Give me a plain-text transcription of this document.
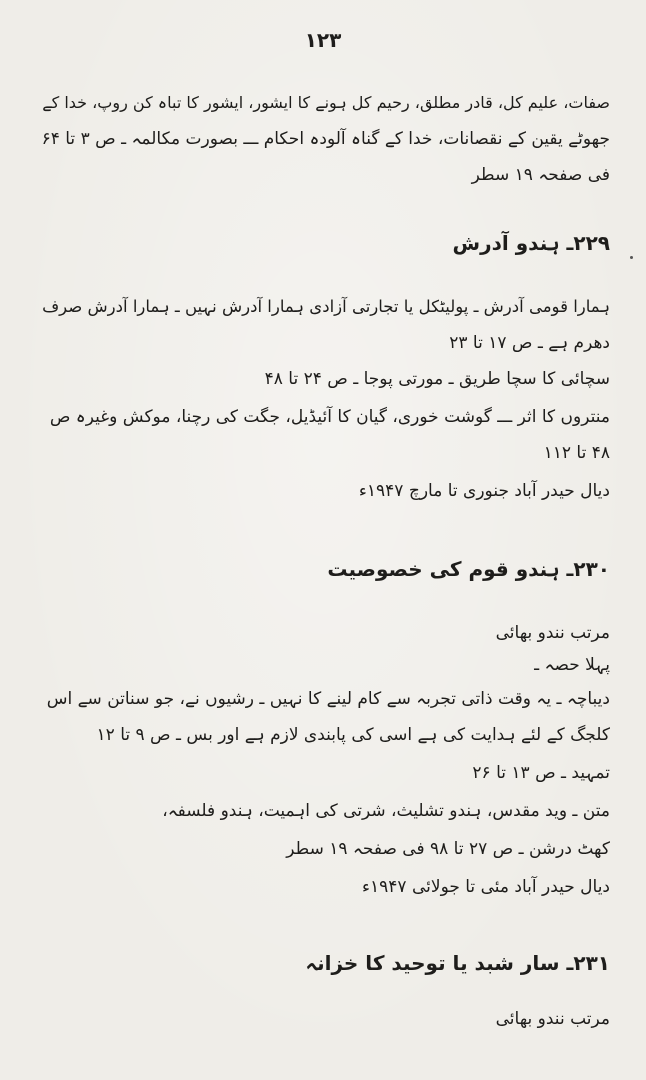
۱۲۳
صفات، علیم کل، قادر مطلق، رحیم کل ہونے کا ایشور، ایشور کا تباہ کن روپ، خدا کے
جھوٹے یقین کے نقصانات، خدا کے گناہ آلودہ احکام ـــ بصورت مکالمہ ـ ص ۳ تا ۶۴
فی صفحہ ۱۹ سطر
۲۲۹ـ ہندو آدرش
ہمارا قومی آدرش ـ پولیٹکل یا تجارتی آزادی ہمارا آدرش نہیں ـ ہمارا آدرش صرف
دھرم ہے ـ ص ۱۷ تا ۲۳
سچائی کا سچا طریق ـ مورتی پوجا ـ ص ۲۴ تا ۴۸
منتروں کا اثر ـــ گوشت خوری، گیان کا آئیڈیل، جگت کی رچنا، موکش وغیرہ ص
۴۸ تا ۱۱۲
دیال حیدر آباد جنوری تا مارچ ۱۹۴۷ء
۲۳۰ـ ہندو قوم کی خصوصیت
مرتب نندو بھائی
پہلا حصہ ـ
دیباچہ ـ یہ وقت ذاتی تجربہ سے کام لینے کا نہیں ـ رشیوں نے، جو سناتن سے اس
کلجگ کے لئے ہدایت کی ہے اسی کی پابندی لازم ہے اور بس ـ ص ۹ تا ۱۲
تمہید ـ ص ۱۳ تا ۲۶
متن ـ وید مقدس، ہندو تشلیث، شرتی کی اہمیت، ہندو فلسفہ،
کھٹ درشن ـ ص ۲۷ تا ۹۸ فی صفحہ ۱۹ سطر
دیال حیدر آباد مئی تا جولائی ۱۹۴۷ء
۲۳۱ـ سار شبد یا توحید کا خزانہ
مرتب نندو بھائی
